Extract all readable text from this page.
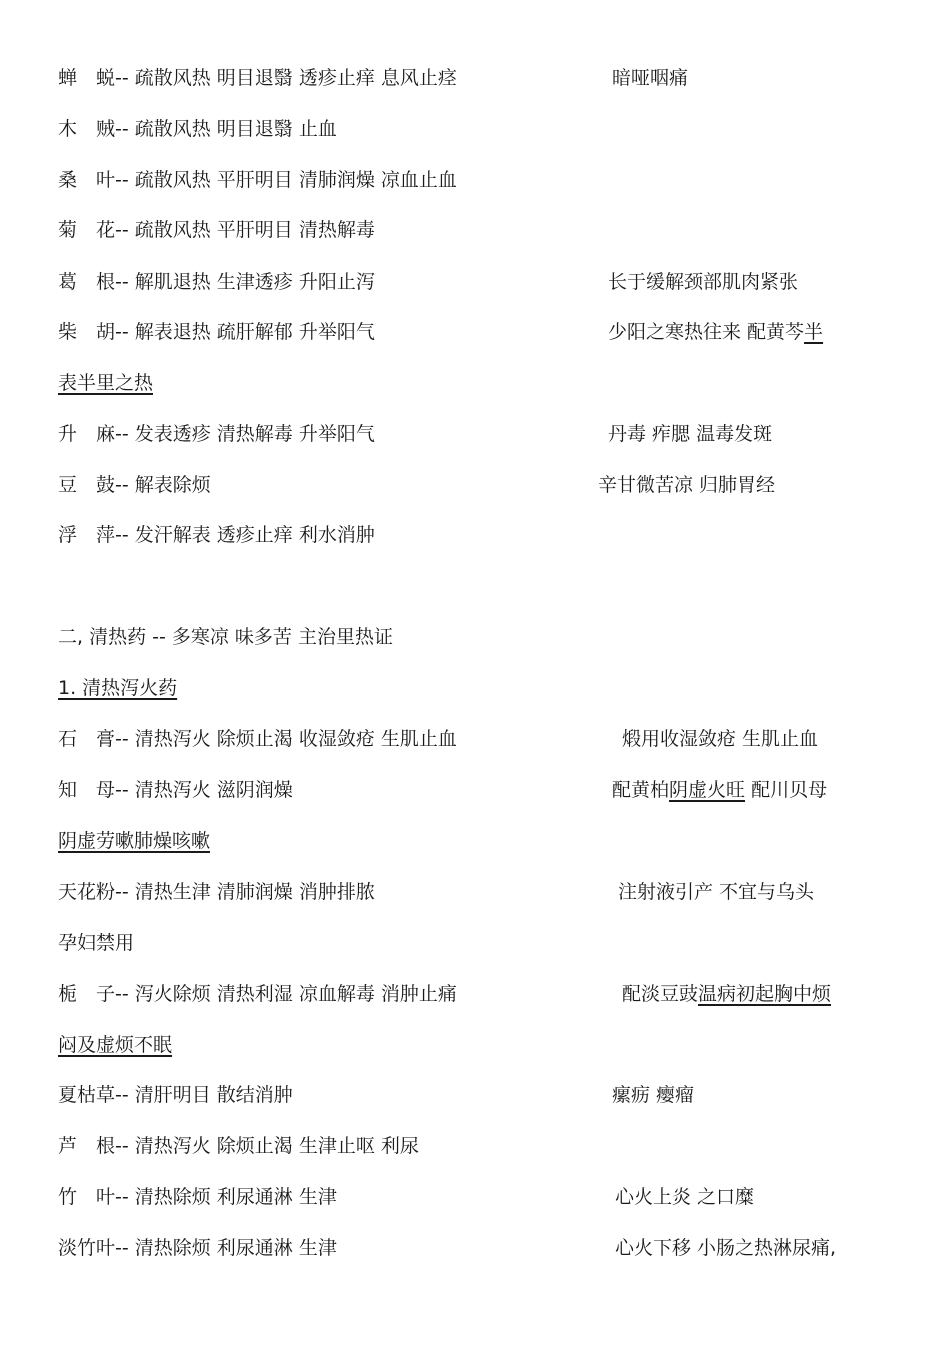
蝉　蜕-- 疏散风热 明目退翳 透疹止痒 息风止痉	暗哑咽痛
木　贼-- 疏散风热 明目退翳 止血
桑　叶-- 疏散风热 平肝明目 清肺润燥 凉血止血
菊　花-- 疏散风热 平肝明目 清热解毒
葛　根-- 解肌退热 生津透疹 升阳止泻	长于缓解颈部肌肉紧张
柴　胡-- 解表退热 疏肝解郁 升举阳气	少阳之寒热往来 配黄芩半
表半里之热
升　麻-- 发表透疹 清热解毒 升举阳气	丹毒 痄腮 温毒发斑
豆　鼓-- 解表除烦	辛甘微苦凉 归肺胃经
浮　萍-- 发汗解表 透疹止痒 利水消肿
二, 清热药 -- 多寒凉 味多苦 主治里热证
1. 清热泻火药
石　膏-- 清热泻火 除烦止渴 收湿敛疮 生肌止血	煅用收湿敛疮 生肌止血
知　母-- 清热泻火 滋阴润燥	配黄柏阴虚火旺 配川贝母
阴虚劳嗽肺燥咳嗽
天花粉-- 清热生津 清肺润燥 消肿排脓	注射液引产 不宜与乌头
孕妇禁用
栀　子-- 泻火除烦 清热利湿 凉血解毒 消肿止痛	配淡豆豉温病初起胸中烦
闷及虚烦不眠
夏枯草-- 清肝明目 散结消肿	瘰疬 瘿瘤
芦　根-- 清热泻火 除烦止渴 生津止呕 利尿
竹　叶-- 清热除烦 利尿通淋 生津	心火上炎 之口糜
淡竹叶-- 清热除烦 利尿通淋 生津	心火下移 小肠之热淋尿痛,
